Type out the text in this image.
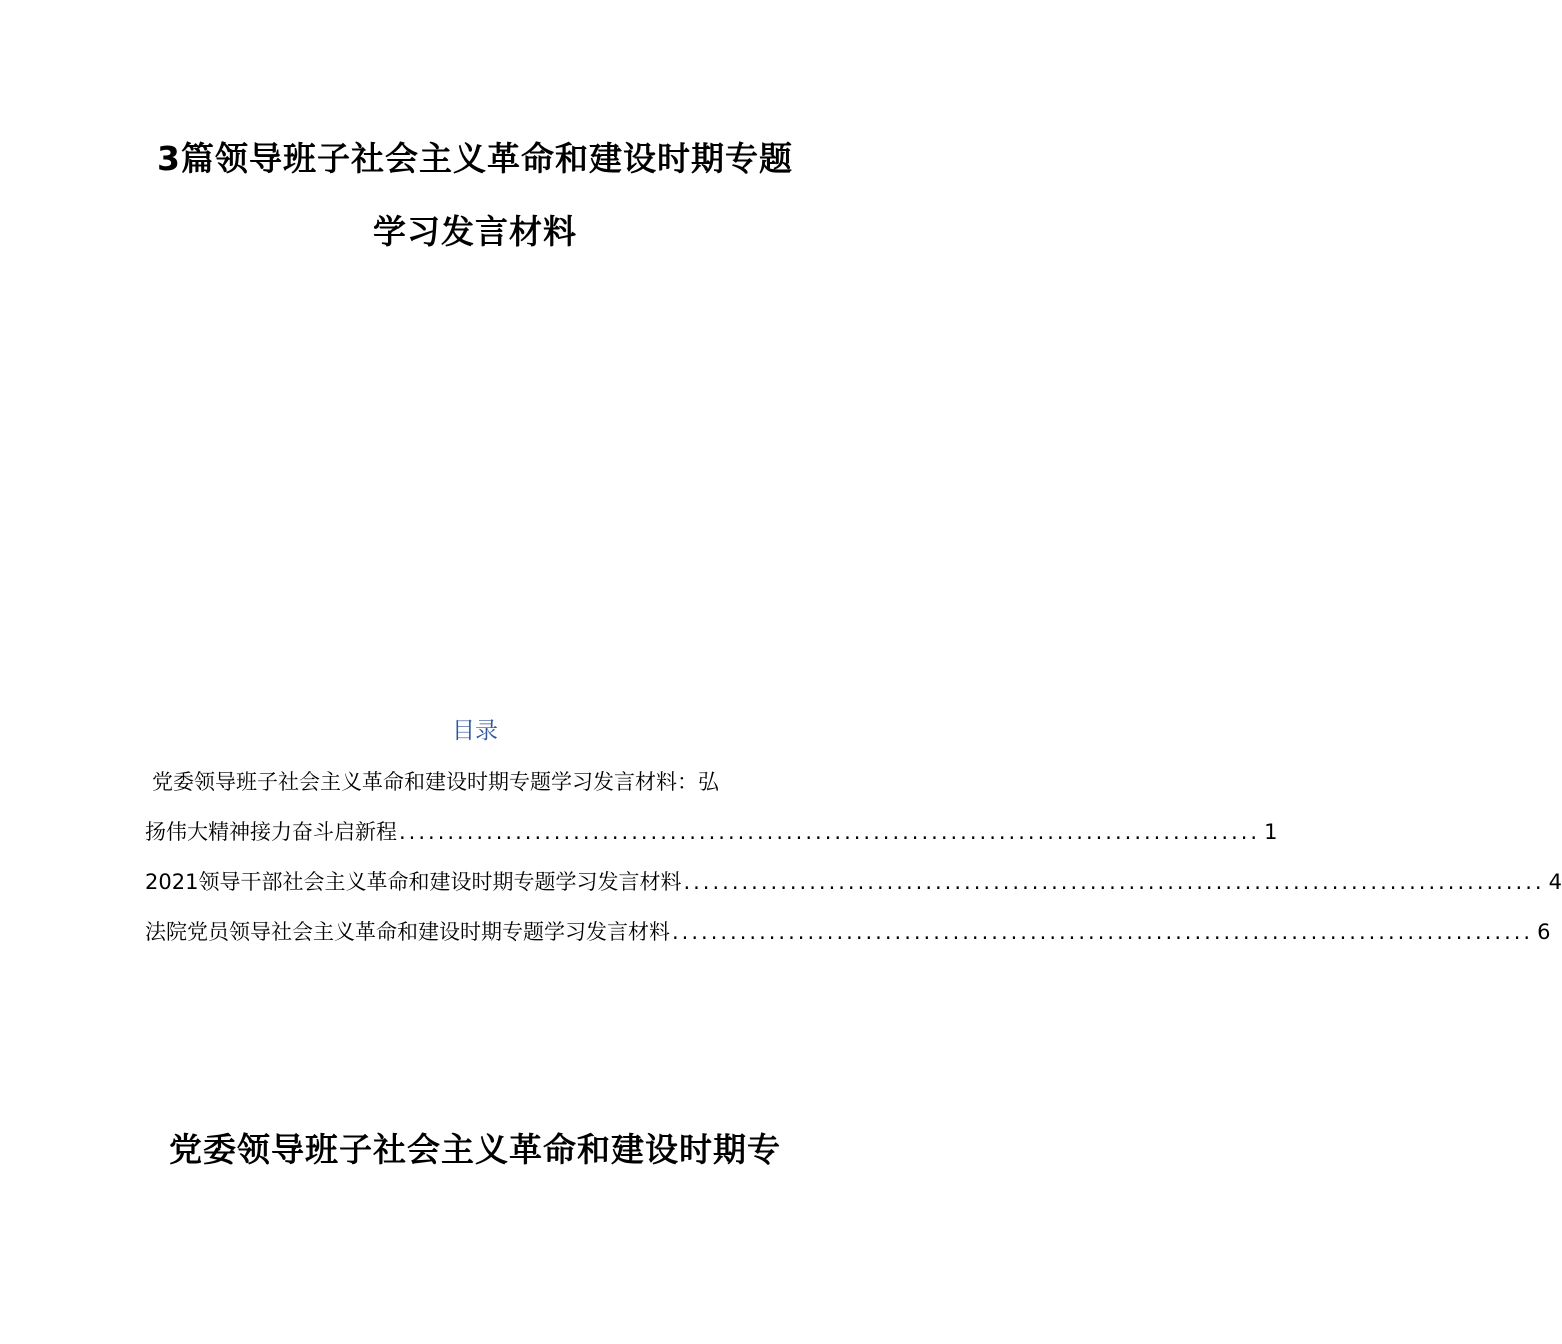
3篇领导班子社会主义革命和建设时期专题
学习发言材料
目录
党委领导班子社会主义革命和建设时期专题学习发言材料：弘
扬伟大精神接力奋斗启新程 ......................................................................................... 1
2021领导干部社会主义革命和建设时期专题学习发言材料 ......................................................................................... 4
法院党员领导社会主义革命和建设时期专题学习发言材料 ......................................................................................... 6
党委领导班子社会主义革命和建设时期专
